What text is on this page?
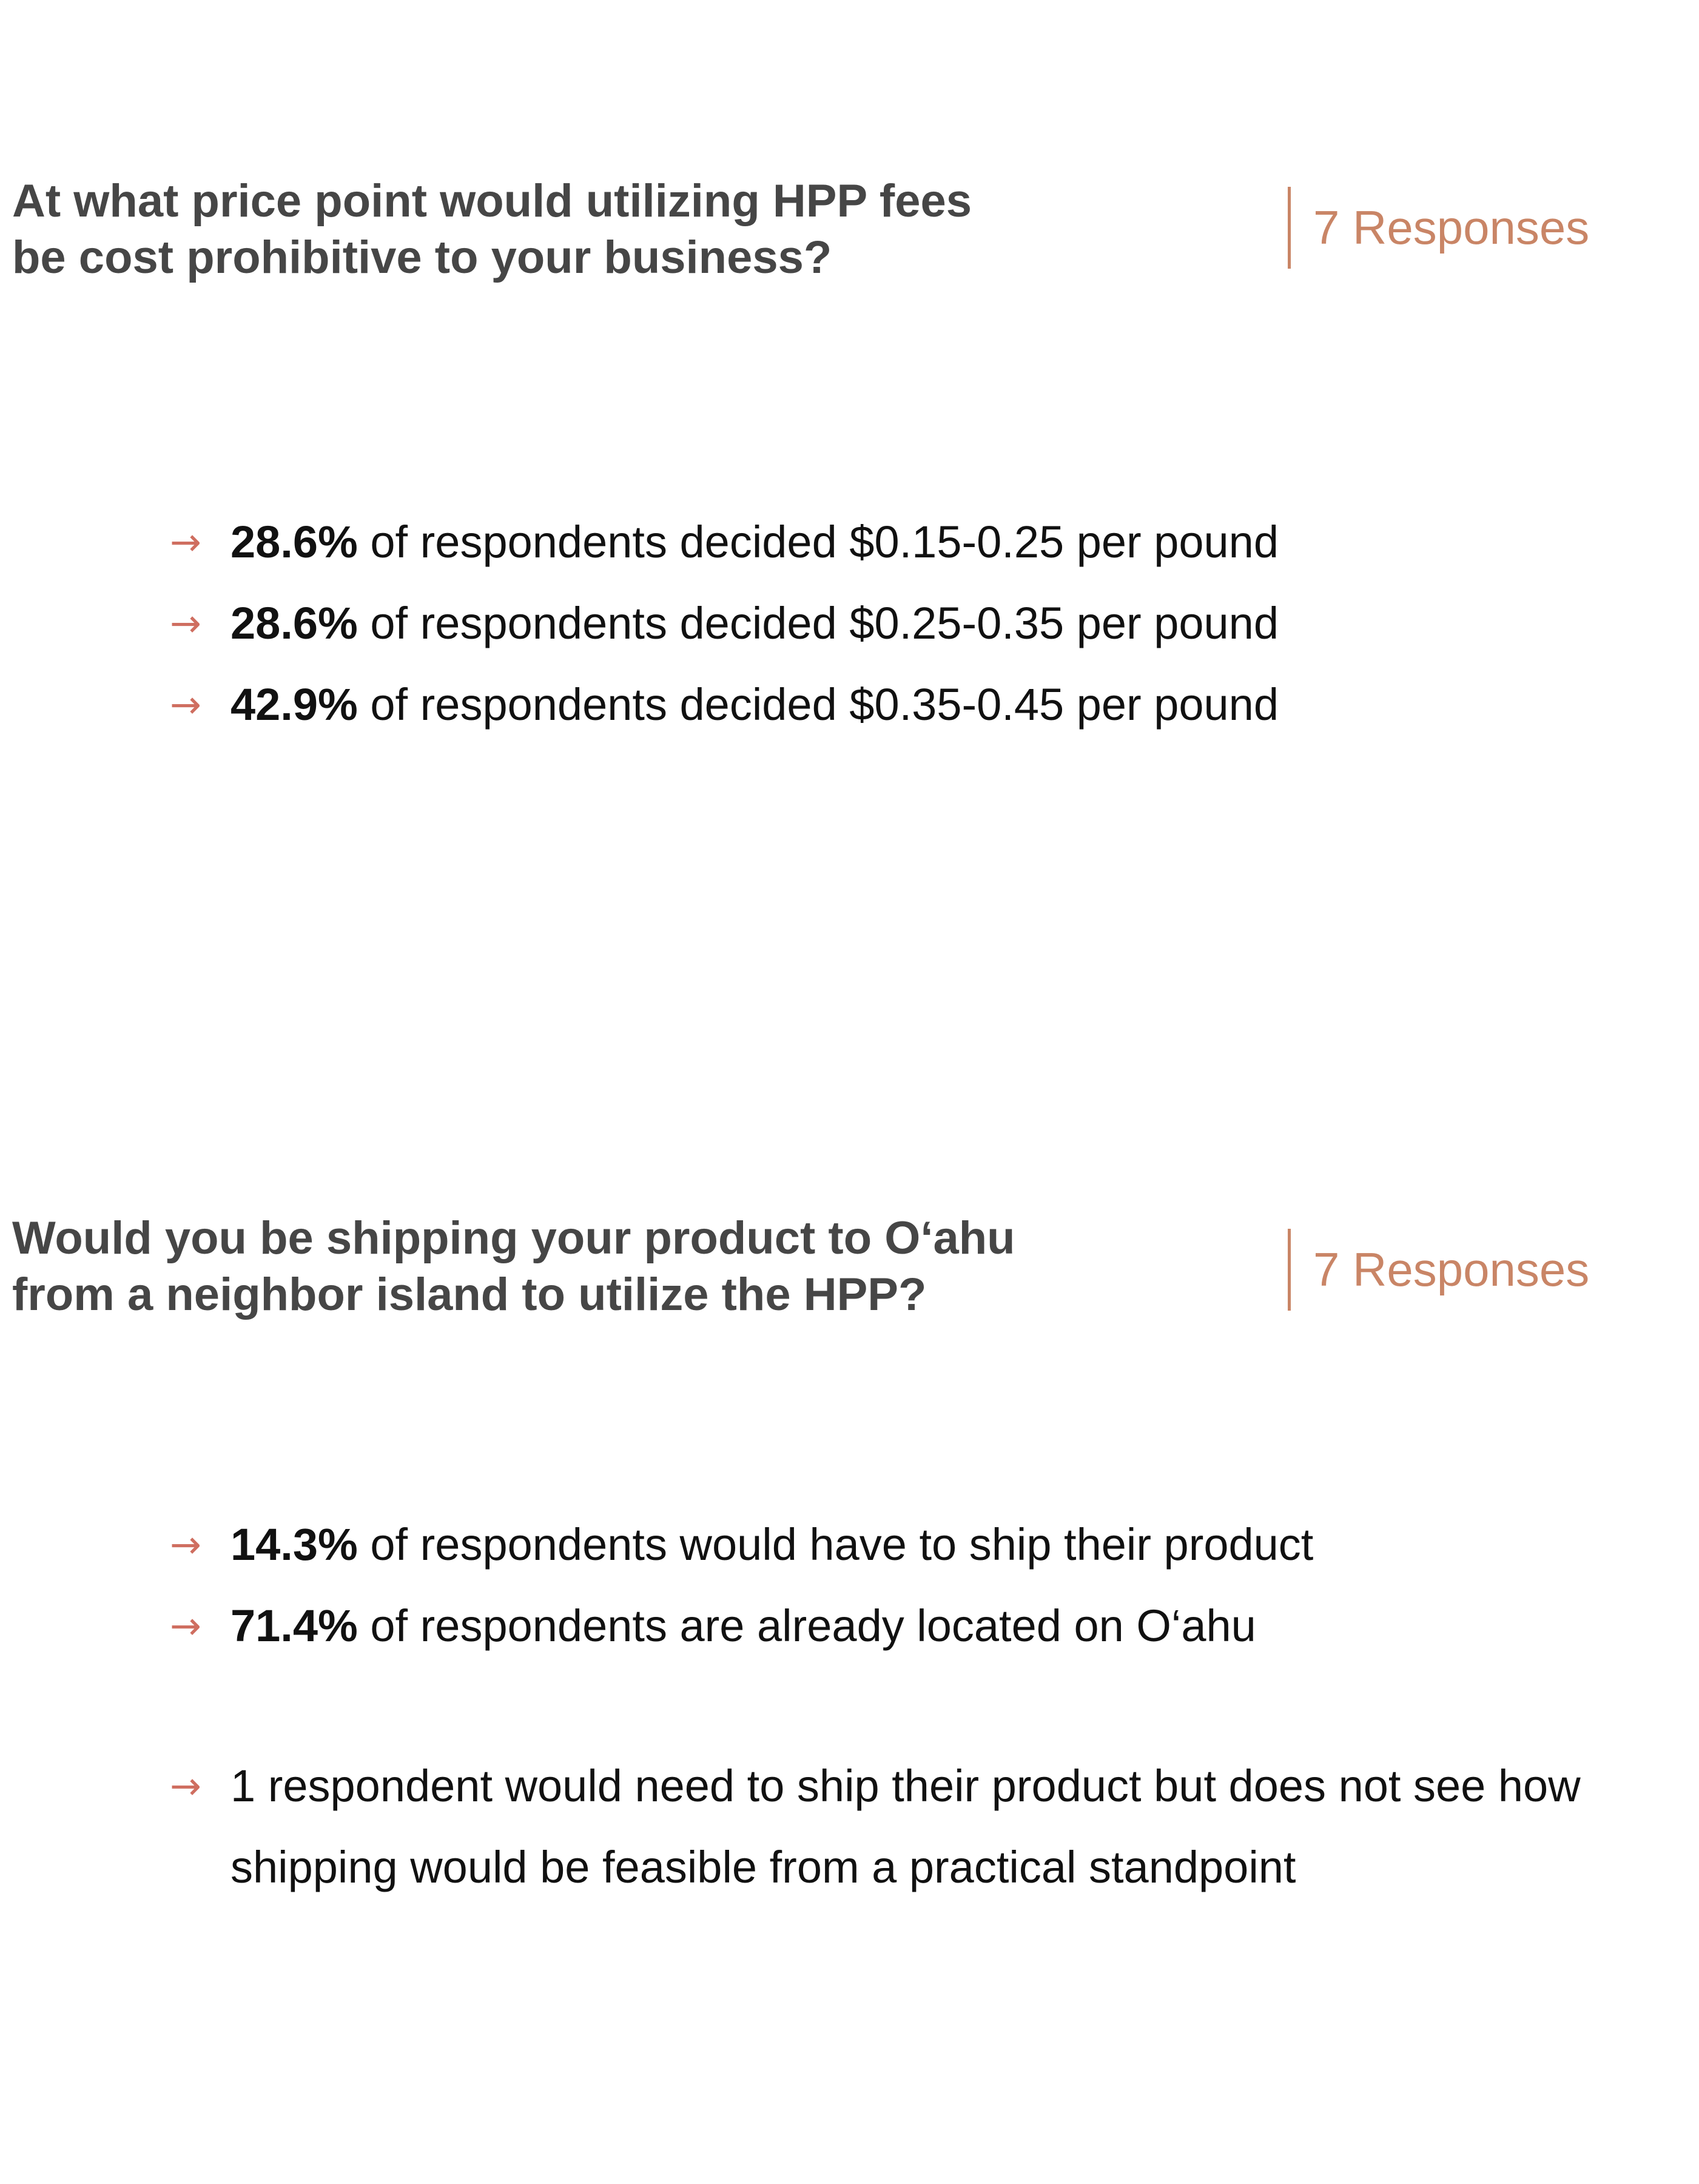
At what price point would utilizing HPP fees
be cost prohibitive to your business?
7 Responses
→ 28.6% of respondents decided $0.15-0.25 per pound
→ 28.6% of respondents decided $0.25-0.35 per pound
→ 42.9% of respondents decided $0.35-0.45 per pound
Would you be shipping your product to O‘ahu
from a neighbor island to utilize the HPP?	7 Responses
→ 14.3% of respondents would have to ship their product
→ 71.4% of respondents are already located on O‘ahu
→ 1 respondent would need to ship their product but does not see how shipping would be feasible from a practical standpoint
